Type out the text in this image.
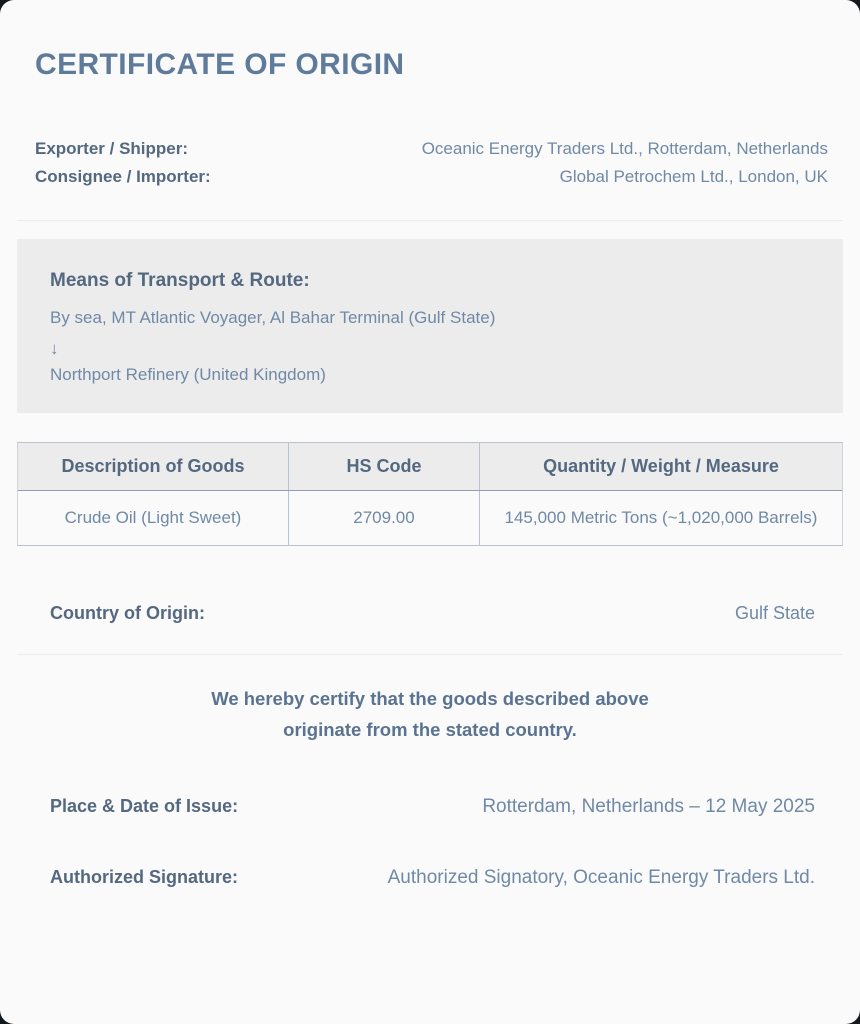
CERTIFICATE OF ORIGIN
Exporter / Shipper:	Oceanic Energy Traders Ltd., Rotterdam, Netherlands
Consignee / Importer:	Global Petrochem Ltd., London, UK
Means of Transport & Route:
By sea, MT Atlantic Voyager, Al Bahar Terminal (Gulf State)
↓
Northport Refinery (United Kingdom)
Description of Goods	HS Code	Quantity / Weight / Measure
Crude Oil (Light Sweet)	2709.00	145,000 Metric Tons (~1,020,000 Barrels)
Country of Origin:	Gulf State
We hereby certify that the goods described above
originate from the stated country.
Place & Date of Issue:	Rotterdam, Netherlands – 12 May 2025
Authorized Signature:	Authorized Signatory, Oceanic Energy Traders Ltd.
